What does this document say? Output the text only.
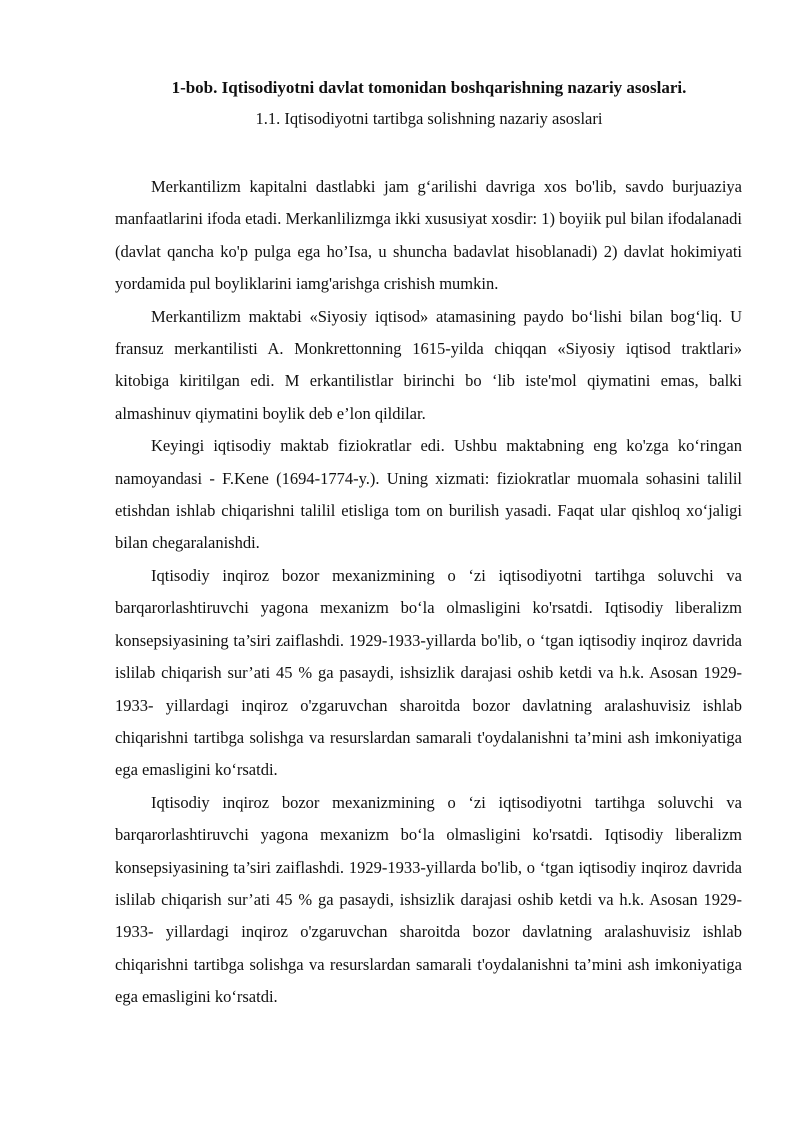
1-bob. Iqtisodiyotni davlat tomonidan boshqarishning nazariy asoslari.
1.1. Iqtisodiyotni tartibga solishning nazariy asoslari

Merkantilizm kapitalni dastlabki jam g‘arilishi davriga xos bo'lib, savdo burjuaziya manfaatlarini ifoda etadi. Merkanlilizmga ikki xususiyat xosdir: 1) boyiik pul bilan ifodalanadi (davlat qancha ko'p pulga ega ho’Isa, u shuncha badavlat hisoblanadi) 2) davlat hokimiyati yordamida pul boyliklarini iamg'arishga crishish mumkin.

Merkantilizm maktabi «Siyosiy iqtisod» atamasining paydo bo‘lishi bilan bog‘liq. U fransuz merkantilisti A. Monkrettonning 1615-yilda chiqqan «Siyosiy iqtisod traktlari» kitobiga kiritilgan edi. M erkantilistlar birinchi bo ‘lib iste'mol qiymatini emas, balki almashinuv qiymatini boylik deb e’lon qildilar.

Keyingi iqtisodiy maktab fiziokratlar edi. Ushbu maktabning eng ko'zga ko‘ringan namoyandasi - F.Kene (1694-1774-y.). Uning xizmati: fiziokratlar muomala sohasini talilil etishdan ishlab chiqarishni talilil etisliga tom on burilish yasadi. Faqat ular qishloq xo‘jaligi bilan chegaralanishdi.

Iqtisodiy inqiroz bozor mexanizmining o ‘zi iqtisodiyotni tartihga soluvchi va barqarorlashtiruvchi yagona mexanizm bo‘la olmasligini ko'rsatdi. Iqtisodiy liberalizm konsepsiyasining ta’siri zaiflashdi. 1929-1933-yillarda bo'lib, o ‘tgan iqtisodiy inqiroz davrida islilab chiqarish sur’ati 45 % ga pasaydi, ishsizlik darajasi oshib ketdi va h.k. Asosan 1929-1933- yillardagi inqiroz o'zgaruvchan sharoitda bozor davlatning aralashuvisiz ishlab chiqarishni tartibga solishga va resurslardan samarali t'oydalanishni ta’mini ash imkoniyatiga ega emasligini ko‘rsatdi.

Iqtisodiy inqiroz bozor mexanizmining o ‘zi iqtisodiyotni tartihga soluvchi va barqarorlashtiruvchi yagona mexanizm bo‘la olmasligini ko'rsatdi. Iqtisodiy liberalizm konsepsiyasining ta’siri zaiflashdi. 1929-1933-yillarda bo'lib, o ‘tgan iqtisodiy inqiroz davrida islilab chiqarish sur’ati 45 % ga pasaydi, ishsizlik darajasi oshib ketdi va h.k. Asosan 1929-1933- yillardagi inqiroz o'zgaruvchan sharoitda bozor davlatning aralashuvisiz ishlab chiqarishni tartibga solishga va resurslardan samarali t'oydalanishni ta’mini ash imkoniyatiga ega emasligini ko‘rsatdi.
